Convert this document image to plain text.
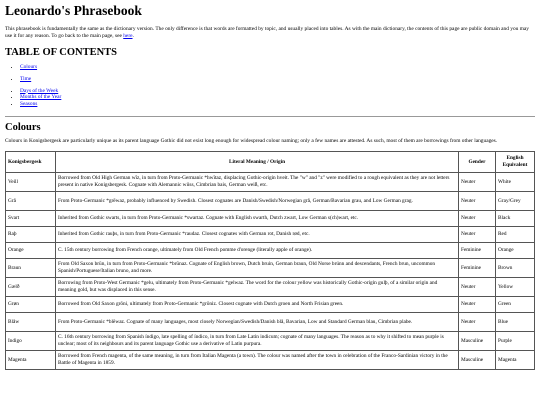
Leonardo's Phrasebook

This phrasebook is fundamentally the same as the dictionary version. The only difference is that words are formatted by topic, and usually placed into tables. As with the main dictionary, the contents of this page are public domain and you may use it for any reason. To go back to the main page, see here.

TABLE OF CONTENTS
• Colours
• Time
• Days of the Week
• Months of the Year
• Seasons
Colours

Colours in Konigsbergesk are particularly unique as its parent language Gothic did not exist long enough for widespread colour naming; only a few names are attested. As such, most of them are borrowings from other languages.

Konigsbergesk	Literal Meaning / Origin	Gender	English Equivalent
Veill	Borrowed from Old High German wîz, in turn from Proto-Germanic *hwītaz, displacing Gothic-origin hveit. The "w" and "z" were modified to a rough equivalent as they are not letters present in native Konigsbergesk. Cognate with Alemannic wiiss, Cimbrian bais, German weiß, etc.	Neuter	White
Grå	From Proto-Germanic *grēwaz, probably influenced by Swedish. Closest cognates are Danish/Swedish/Norwegian grå, German/Bavarian grau, and Low German grag.	Neuter	Gray/Grey
Svart	Inherited from Gothic swarts, in turn from Proto-Germanic *swartaz. Cognate with English swarth, Dutch zwart, Low German s(ch)wart, etc.	Neuter	Black
Raþ	Inherited from Gothic rauþs, in turn from Proto-Germanic *raudaz. Closest cognates with German rot, Danish rød, etc.	Neuter	Red
Orange	C. 15th century borrowing from French orange, ultimately from Old French pomme d'orenge (literally apple of orange).	Feminine	Orange
Braun	From Old Saxon brūn, in turn from Proto-Germanic *brūnaz. Cognate of English brown, Dutch bruin, German braun, Old Norse brúnn and descendants, French brun, uncommon Spanish/Portuguese/Italian bruno, and more.	Feminine	Brown
Gælð	Borrowing from Proto-West Germanic *gelu, ultimately from Proto-Germanic *gelwaz. The word for the colour yellow was historically Gothic-origin gulþ, of a similar origin and meaning gold, but was displaced in this sense.	Neuter	Yellow
Grøn	Borrowed from Old Saxon grōni, ultimately from Proto-Germanic *grōniz. Closest cognate with Dutch groen and North Frisian green.	Neuter	Green
Blåw	From Proto-Germanic *blēwaz. Cognate of many languages, most closely Norwegian/Swedish/Danish blå, Bavarian, Low and Standard German blau, Cimbrian plabe.	Neuter	Blue
Indigo	C. 16th century borrowing from Spanish índigo, late spelling of índico, in turn from Late Latin indicum; cognate of many languages. The reason as to why it shifted to mean purple is unclear; most of its neighbours and its parent language Gothic use a derivative of Latin purpura.	Masculine	Purple
Magenta	Borrowed from French magenta, of the same meaning, in turn from Italian Magenta (a town). The colour was named after the town in celebration of the Franco-Sardinian victory in the Battle of Magenta in 1859.	Masculine	Magenta
